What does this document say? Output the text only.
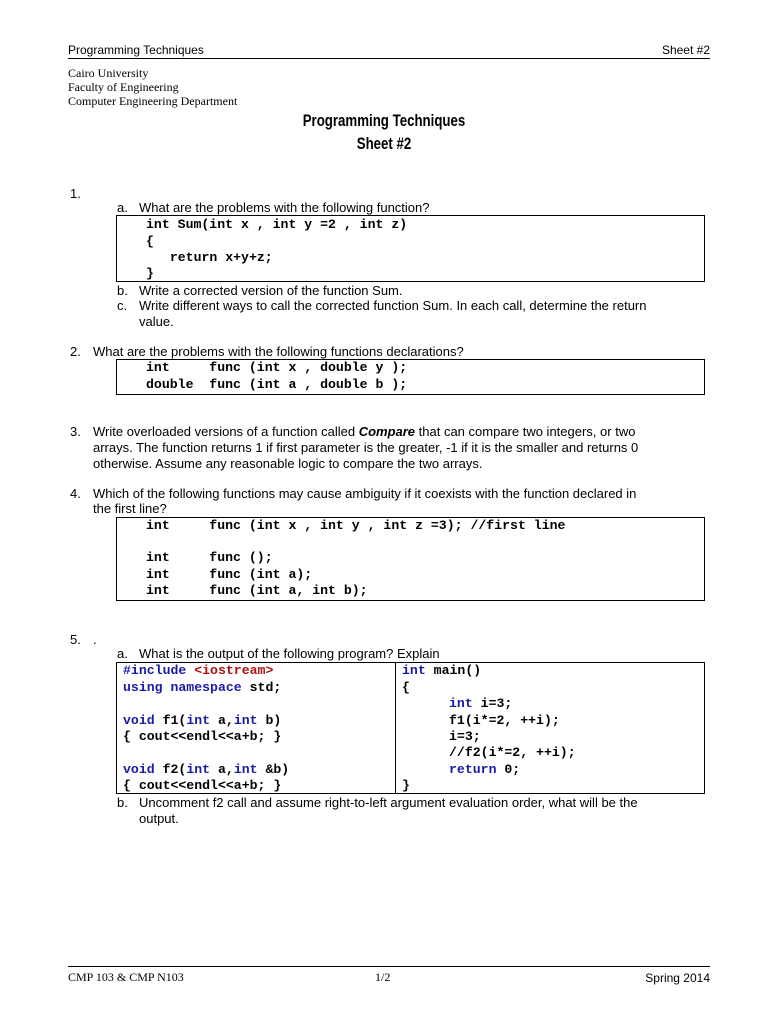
Programming Techniques	Sheet #2
Cairo University
Faculty of Engineering
Computer Engineering Department
Programming Techniques
Sheet #2
1.
a. What are the problems with the following function?
int Sum(int x , int y =2 , int z)
{
return x+y+z;
}
b. Write a corrected version of the function Sum.
c. Write different ways to call the corrected function Sum. In each call, determine the return
value.
2. What are the problems with the following functions declarations?
int     func (int x , double y );
double  func (int a , double b );
3. Write overloaded versions of a function called Compare that can compare two integers, or two
arrays. The function returns 1 if first parameter is the greater, -1 if it is the smaller and returns 0
otherwise. Assume any reasonable logic to compare the two arrays.
4. Which of the following functions may cause ambiguity if it coexists with the function declared in
the first line?
int     func (int x , int y , int z =3); //first line
int     func ();
int     func (int a);
int     func (int a, int b);
5. .
a. What is the output of the following program? Explain
#include <iostream>
using namespace std;
void f1(int a,int b)
{ cout<<endl<<a+b; }
void f2(int a,int &b)
{ cout<<endl<<a+b; }
int main()
{
int i=3;
f1(i*=2, ++i);
i=3;
//f2(i*=2, ++i);
return 0;
}
b. Uncomment f2 call and assume right-to-left argument evaluation order, what will be the
output.
CMP 103 & CMP N103	1/2	Spring 2014
